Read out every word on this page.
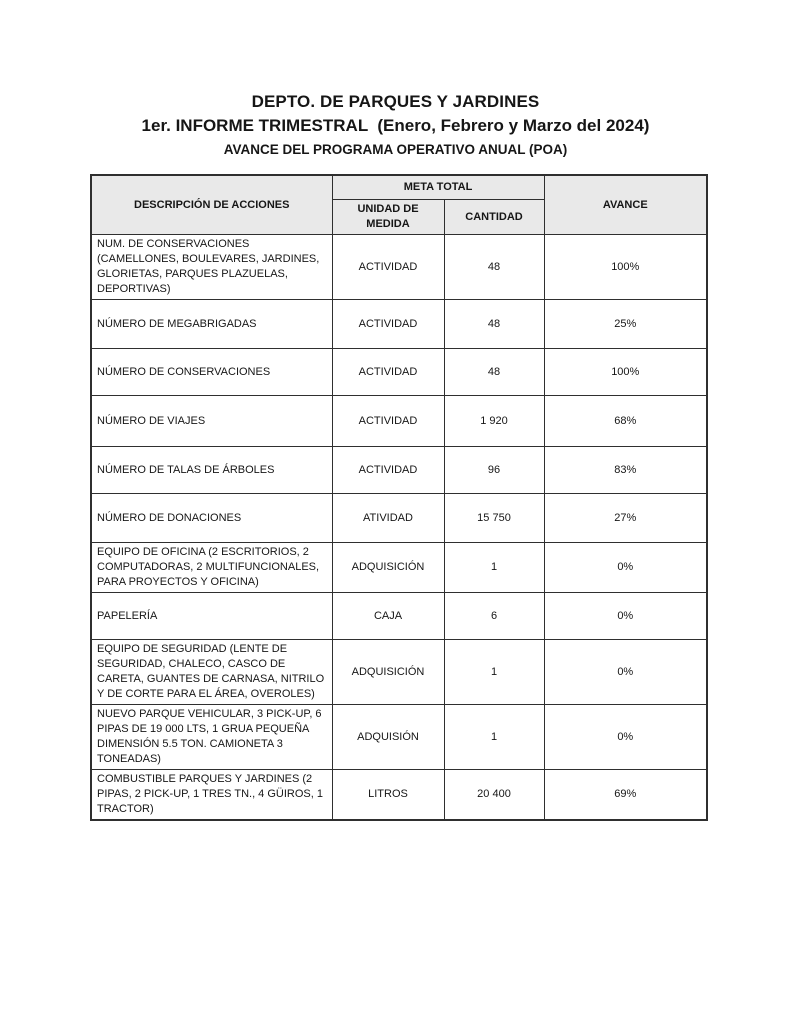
DEPTO. DE PARQUES Y JARDINES
1er. INFORME TRIMESTRAL  (Enero, Febrero y Marzo del 2024)
AVANCE DEL PROGRAMA OPERATIVO ANUAL (POA)
DESCRIPCIÓN DE ACCIONES	META TOTAL		AVANCE
	UNIDAD DE MEDIDA	CANTIDAD	
NUM. DE CONSERVACIONES (CAMELLONES, BOULEVARES, JARDINES, GLORIETAS, PARQUES PLAZUELAS, DEPORTIVAS)	ACTIVIDAD	48	100%
NÚMERO DE MEGABRIGADAS	ACTIVIDAD	48	25%
NÚMERO DE CONSERVACIONES	ACTIVIDAD	48	100%
NÚMERO DE VIAJES	ACTIVIDAD	1 920	68%
NÚMERO DE TALAS DE ÁRBOLES	ACTIVIDAD	96	83%
NÚMERO DE DONACIONES	ATIVIDAD	15 750	27%
EQUIPO DE OFICINA (2 ESCRITORIOS, 2 COMPUTADORAS, 2 MULTIFUNCIONALES, PARA PROYECTOS Y OFICINA)	ADQUISICIÓN	1	0%
PAPELERÍA	CAJA	6	0%
EQUIPO DE SEGURIDAD (LENTE DE SEGURIDAD, CHALECO, CASCO DE CARETA, GUANTES DE CARNASA, NITRILO Y DE CORTE PARA EL ÁREA, OVEROLES)	ADQUISICIÓN	1	0%
NUEVO PARQUE VEHICULAR, 3 PICK-UP, 6 PIPAS DE 19 000 LTS, 1 GRUA PEQUEÑA DIMENSIÓN 5.5 TON. CAMIONETA 3 TONEADAS)	ADQUISIÓN	1	0%
COMBUSTIBLE PARQUES Y JARDINES (2 PIPAS, 2 PICK-UP, 1 TRES TN., 4 GÜIROS, 1 TRACTOR)	LITROS	20 400	69%
